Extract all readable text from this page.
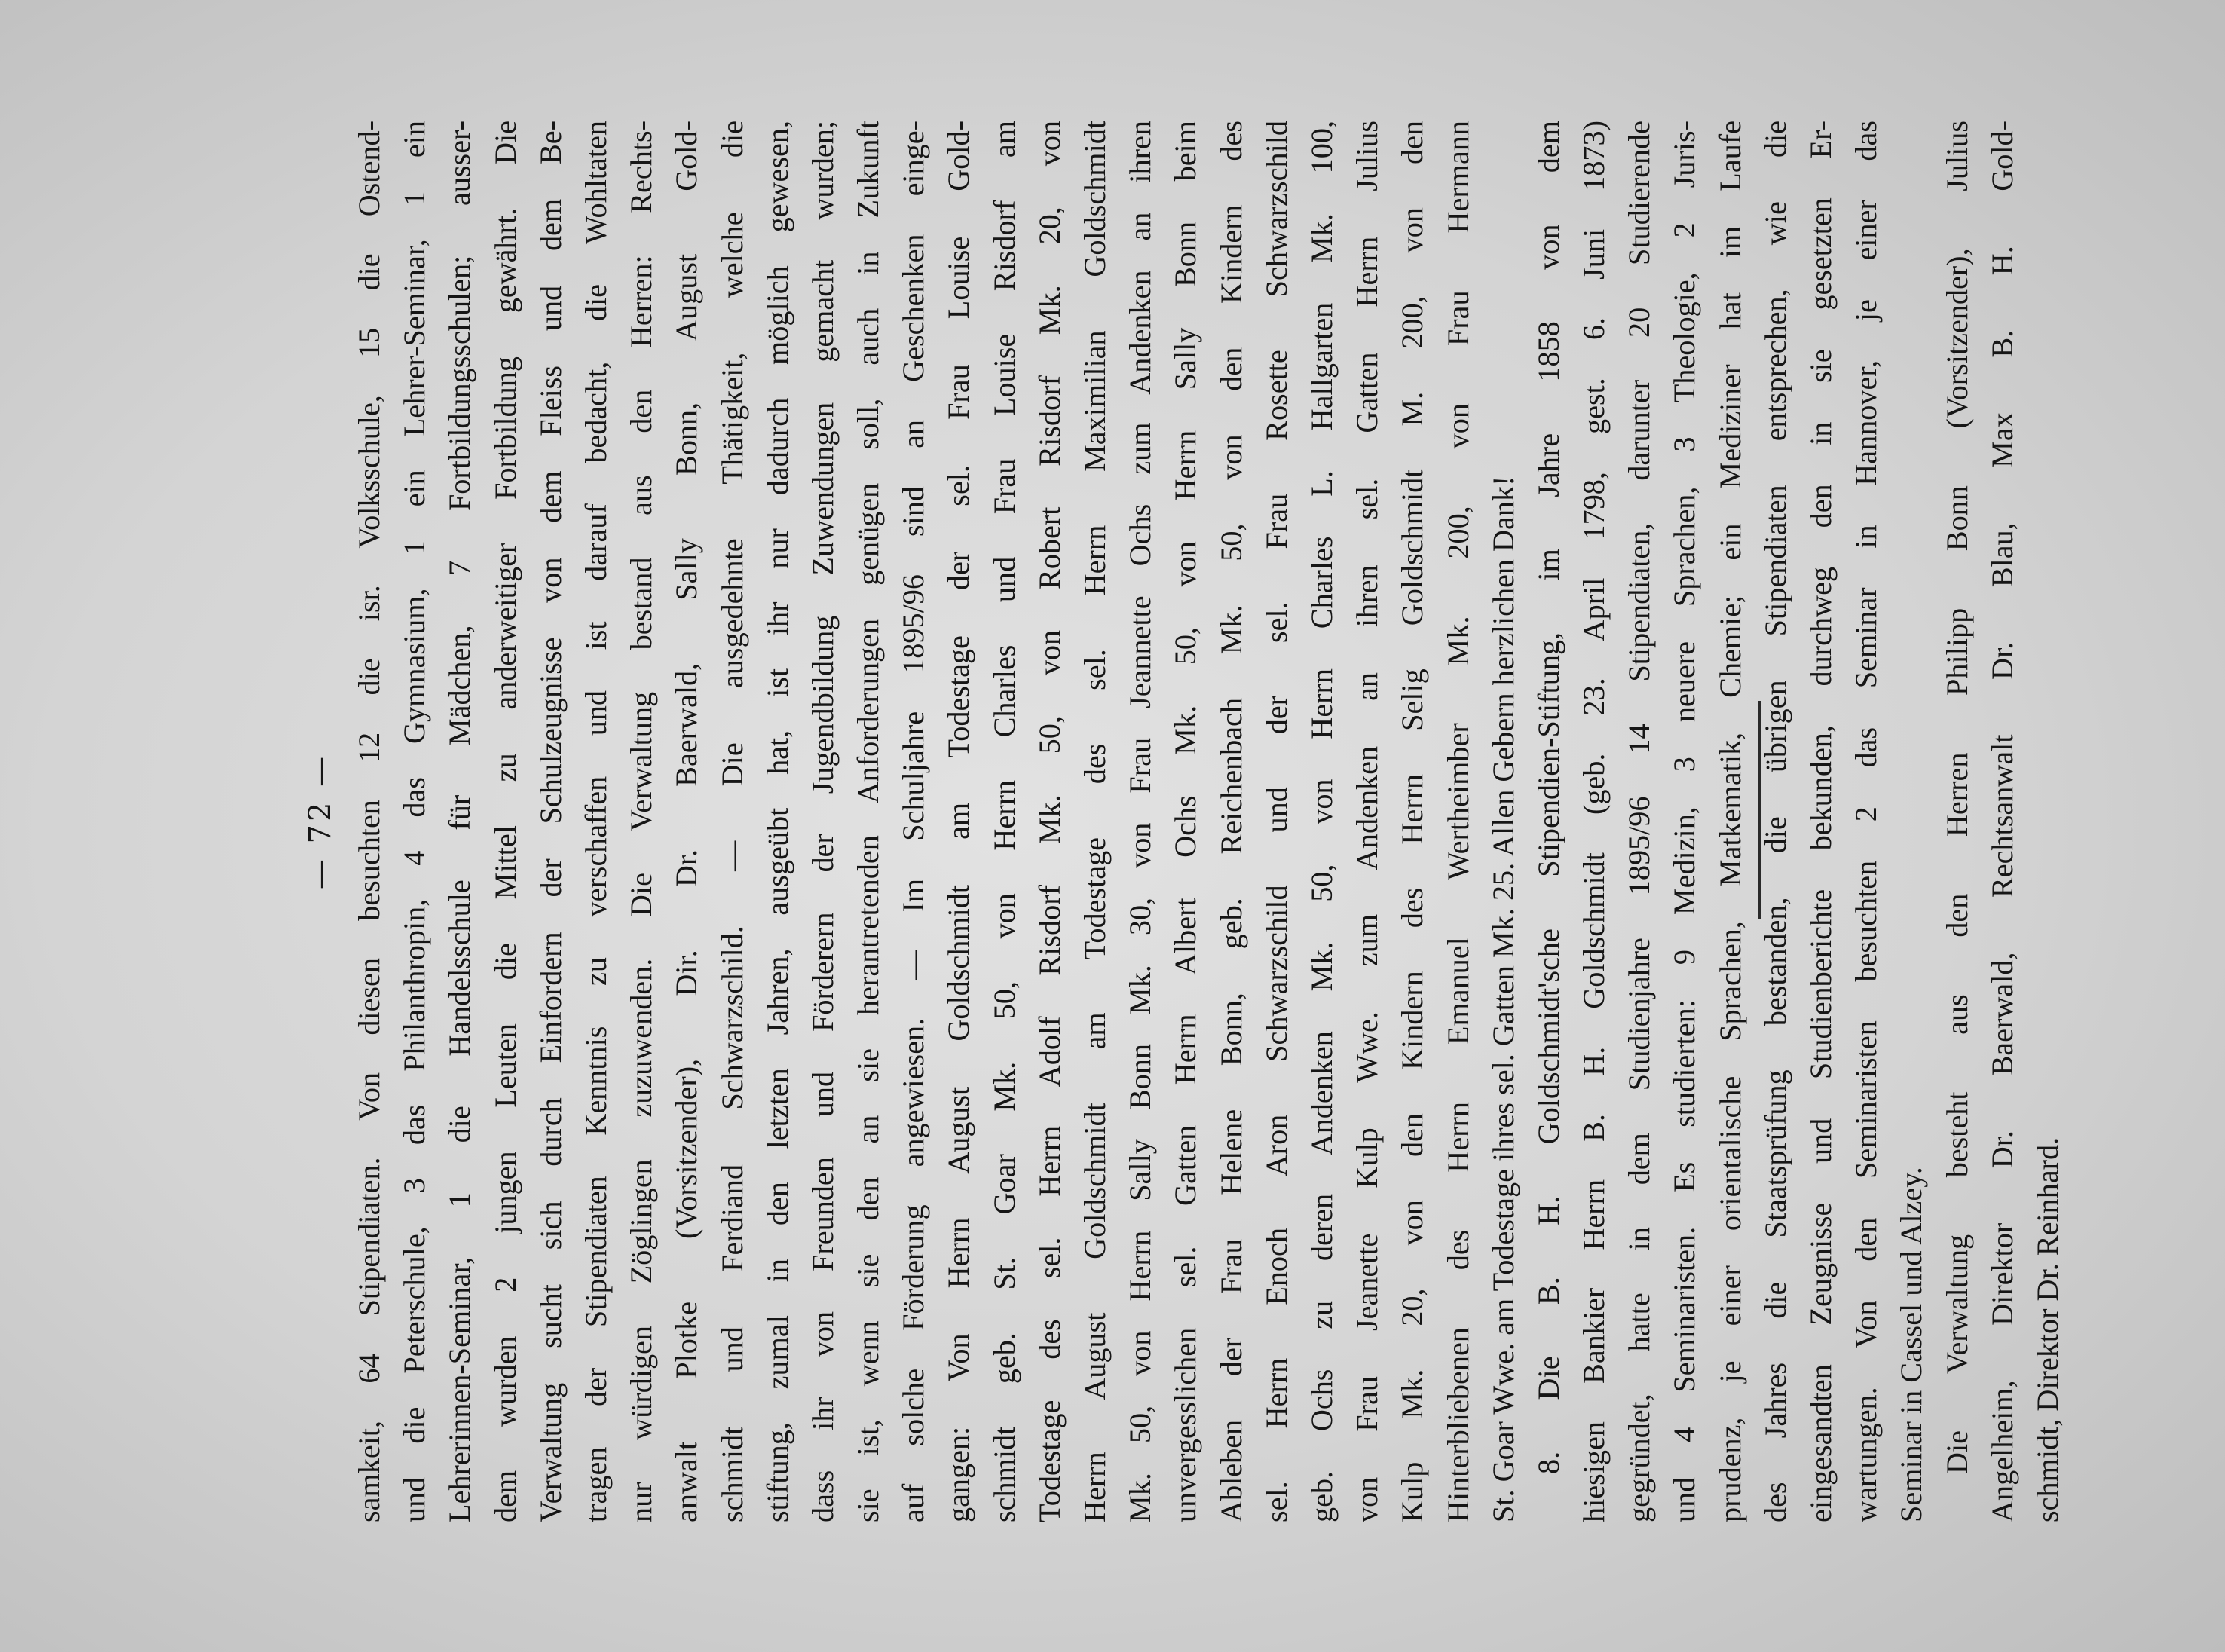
— 72 — samkeit, 64 Stipendiaten. Von diesen besuchten 12 die isr. Volksschule, 15 die Ostend- und die Peterschule, 3 das Philanthropin, 4 das Gymnasium, 1 ein Lehrer-Seminar, 1 ein Lehrerinnen-Seminar, 1 die Handelsschule für Mädchen, 7 Fortbildungsschulen; ausser- dem wurden 2 jungen Leuten die Mittel zu anderweitiger Fortbildung gewährt. Die Verwaltung sucht sich durch Einfordern der Schulzeugnisse von dem Fleiss und dem Be- tragen der Stipendiaten Kenntnis zu verschaffen und ist darauf bedacht, die Wohltaten nur würdigen Zöglingen zuzuwenden. Die Verwaltung bestand aus den Herren: Rechts- anwalt Plotke (Vorsitzender), Dir. Dr. Baerwald, Sally Bonn, August Gold- schmidt und Ferdiand Schwarzschild. — Die ausgedehnte Thätigkeit, welche die stiftung, zumal in den letzten Jahren, ausgeübt hat, ist ihr nur dadurch möglich gewesen, dass ihr von Freunden und Förderern der Jugendbildung Zuwendungen gemacht wurden; sie ist, wenn sie den an sie herantretenden Anforderungen genügen soll, auch in Zukunft auf solche Förderung angewiesen. — Im Schuljahre 1895/96 sind an Geschenken einge- gangen: Von Herrn August Goldschmidt am Todestage der sel. Frau Louise Gold- schmidt geb. St. Goar Mk. 50, von Herrn Charles und Frau Louise Risdorf am Todestage des sel. Herrn Adolf Risdorf Mk. 50, von Robert Risdorf Mk. 20, von Herrn August Goldschmidt am Todestage des sel. Herrn Maximilian Goldschmidt Mk. 50, von Herrn Sally Bonn Mk. 30, von Frau Jeannette Ochs zum Andenken an ihren unvergesslichen sel. Gatten Herrn Albert Ochs Mk. 50, von Herrn Sally Bonn beim Ableben der Frau Helene Bonn, geb. Reichenbach Mk. 50, von den Kindern des sel. Herrn Enoch Aron Schwarzschild und der sel. Frau Rosette Schwarzschild geb. Ochs zu deren Andenken Mk. 50, von Herrn Charles L. Hallgarten Mk. 100, von Frau Jeanette Kulp Wwe. zum Andenken an ihren sel. Gatten Herrn Julius Kulp Mk. 20, von den Kindern des Herrn Selig Goldschmidt M. 200, von den Hinterbliebenen des Herrn Emanuel Wertheimber Mk. 200, von Frau Hermann St. Goar Wwe. am Todestage ihres sel. Gatten Mk. 25. Allen Gebern herzlichen Dank! 8. Die B. H. Goldschmidt'sche Stipendien-Stiftung, im Jahre 1858 von dem hiesigen Bankier Herrn B. H. Goldschmidt (geb. 23. April 1798, gest. 6. Juni 1873) gegründet, hatte in dem Studienjahre 1895/96 14 Stipendiaten, darunter 20 Studierende und 4 Seminaristen. Es studierten: 9 Medizin, 3 neuere Sprachen, 3 Theologie, 2 Juris- prudenz, je einer orientalische Sprachen, Matkematik, Chemie; ein Mediziner hat im Laufe des Jahres die Staatsprüfung bestanden, die übrigen Stipendiaten entsprechen, wie die eingesandten Zeugnisse und Studienberichte bekunden, durchweg den in sie gesetzten Er- wartungen. Von den Seminaristen besuchten 2 das Seminar in Hannover, je einer das Seminar in Cassel und Alzey. Die Verwaltung besteht aus den Herren Philipp Bonn (Vorsitzender), Julius Angelheim, Direktor Dr. Baerwald, Rechtsanwalt Dr. Blau, Max B. H. Gold- schmidt, Direktor Dr. Reinhard.
